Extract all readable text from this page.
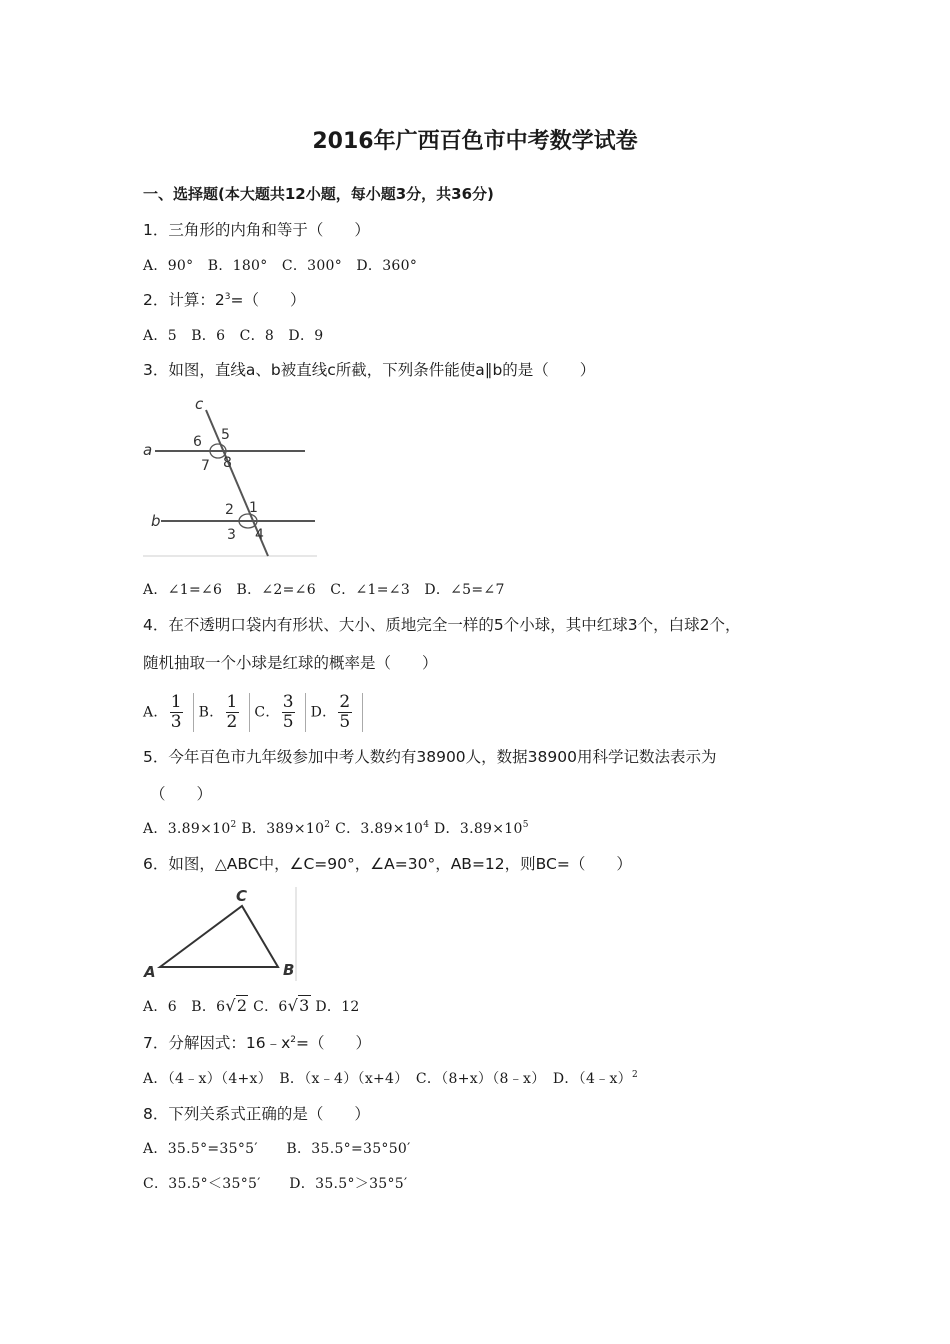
2016年广西百色市中考数学试卷
一、选择题(本大题共12小题，每小题3分，共36分)
1．三角形的内角和等于（　　）
A．90°　B．180°　C．300°　D．360°
2．计算：$2^3=$（　　）
A．5　B．6　C．8　D．9
3．如图，直线a、b被直线c所截，下列条件能使a∥b的是（　　）
c
a
b
6 5
7 8
2 1
3 4
A．∠1=∠6　B．∠2=∠6　C．∠1=∠3　D．∠5=∠7
4．在不透明口袋内有形状、大小、质地完全一样的5个小球，其中红球3个，白球2个，
随机抽取一个小球是红球的概率是（　　）
A． $\frac{1}{3}$ B． $\frac{1}{2}$ C． $\frac{3}{5}$ D． $\frac{2}{5}$
5．今年百色市九年级参加中考人数约有38900人，数据38900用科学记数法表示为
（　　）
A．$3.89\times 10^2$ B．$389\times 10^2$ C．$3.89\times 10^4$ D．$3.89\times 10^5$
6．如图，△ABC中，∠C=90°，∠A=30°，AB=12，则BC=（　　）
C
A	B
A．6　 B．6√2 C．6√3 D．12
7．分解因式：$16﹣x^2=$（　　）
A．（4﹣x）（4+x）　B．（x﹣4）（x+4）　C．（8+x）（8﹣x）　D．（4﹣x）$^2$
8．下列关系式正确的是（　　）
A．35.5°=35°5′　　B．35.5°=35°50′
C．35.5°＜35°5′　　D．35.5°＞35°5′
